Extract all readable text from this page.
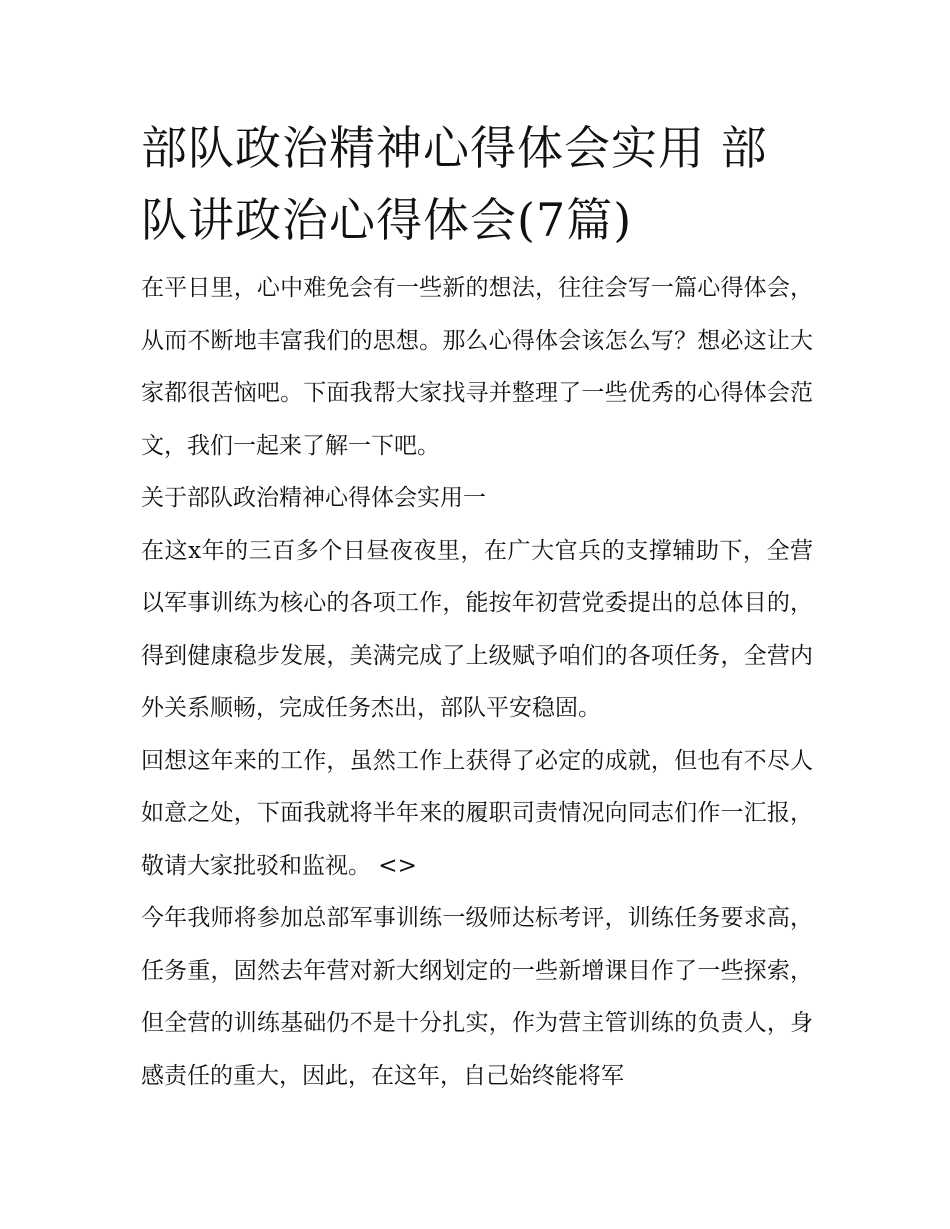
部队政治精神心得体会实用 部队讲政治心得体会(7篇)

在平日里，心中难免会有一些新的想法，往往会写一篇心得体会，从而不断地丰富我们的思想。那么心得体会该怎么写？想必这让大家都很苦恼吧。下面我帮大家找寻并整理了一些优秀的心得体会范文，我们一起来了解一下吧。

关于部队政治精神心得体会实用一

在这x年的三百多个日昼夜夜里，在广大官兵的支撑辅助下，全营以军事训练为核心的各项工作，能按年初营党委提出的总体目的，得到健康稳步发展，美满完成了上级赋予咱们的各项任务，全营内外关系顺畅，完成任务杰出，部队平安稳固。

回想这年来的工作，虽然工作上获得了必定的成就，但也有不尽人如意之处，下面我就将半年来的履职司责情况向同志们作一汇报，敬请大家批驳和监视。 <>

今年我师将参加总部军事训练一级师达标考评，训练任务要求高，任务重，固然去年营对新大纲划定的一些新增课目作了一些探索，但全营的训练基础仍不是十分扎实，作为营主管训练的负责人，身感责任的重大，因此，在这年，自己始终能将军
